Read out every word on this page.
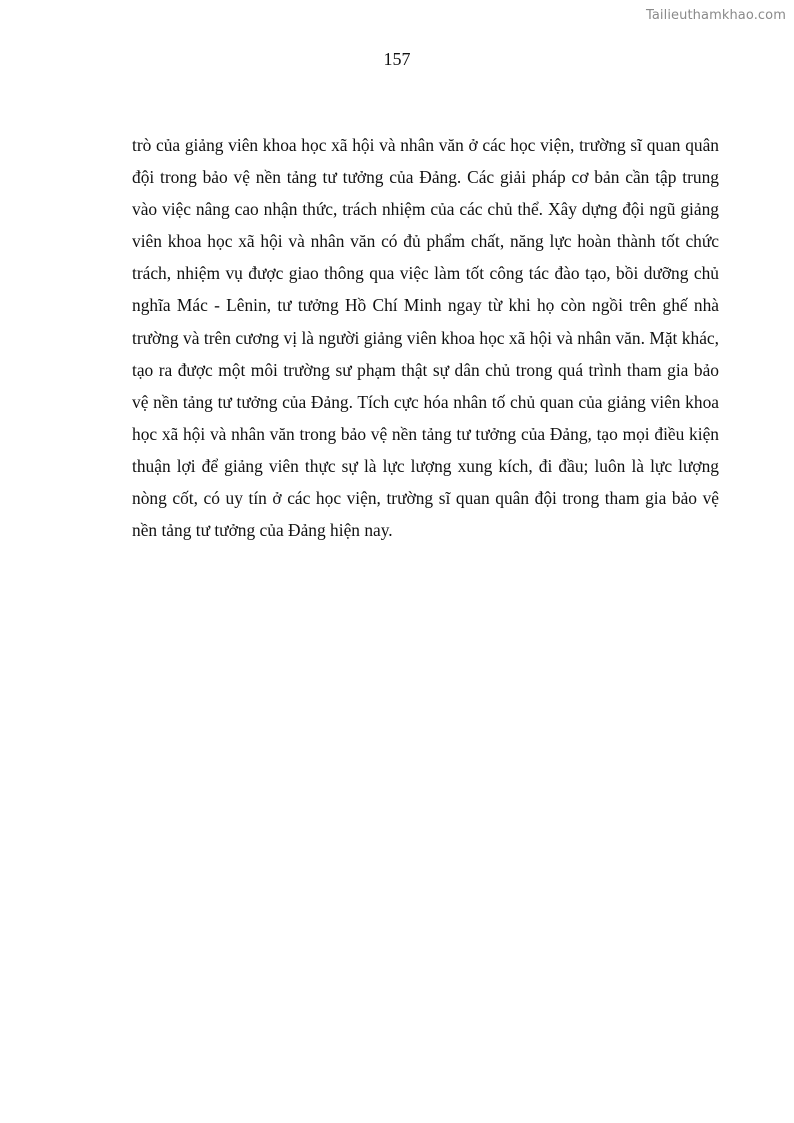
Tailieuthamkhao.com
157

trò của giảng viên khoa học xã hội và nhân văn ở các học viện, trường sĩ quan quân đội trong bảo vệ nền tảng tư tưởng của Đảng. Các giải pháp cơ bản cần tập trung vào việc nâng cao nhận thức, trách nhiệm của các chủ thể. Xây dựng đội ngũ giảng viên khoa học xã hội và nhân văn có đủ phẩm chất, năng lực hoàn thành tốt chức trách, nhiệm vụ được giao thông qua việc làm tốt công tác đào tạo, bồi dưỡng chủ nghĩa Mác - Lênin, tư tưởng Hồ Chí Minh ngay từ khi họ còn ngồi trên ghế nhà trường và trên cương vị là người giảng viên khoa học xã hội và nhân văn. Mặt khác, tạo ra được một môi trường sư phạm thật sự dân chủ trong quá trình tham gia bảo vệ nền tảng tư tưởng của Đảng. Tích cực hóa nhân tố chủ quan của giảng viên khoa học xã hội và nhân văn trong bảo vệ nền tảng tư tưởng của Đảng, tạo mọi điều kiện thuận lợi để giảng viên thực sự là lực lượng xung kích, đi đầu; luôn là lực lượng nòng cốt, có uy tín ở các học viện, trường sĩ quan quân đội trong tham gia bảo vệ nền tảng tư tưởng của Đảng hiện nay.
